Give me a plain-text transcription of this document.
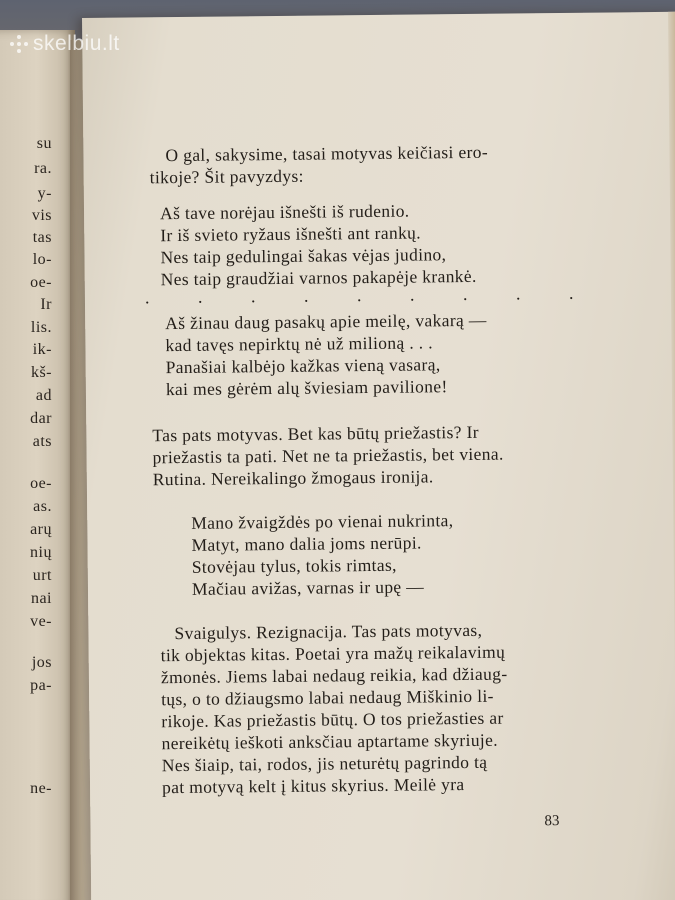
su
ra.
y-
vis
tas
lo-
oe-
Ir
lis.
ik-
kš-
ad
dar
ats
oe-
as.
arų
nių
urt
nai
ve-
jos
pa-
ne-
O gal, sakysime, tasai motyvas keičiasi ero-
tikoje? Šit pavyzdys:
Aš tave norėjau išnešti iš rudenio.
Ir iš svieto ryžaus išnešti ant rankų.
Nes taip gedulingai šakas vėjas judino,
Nes taip graudžiai varnos pakapėje krankė.
. . . . . . . . .
Aš žinau daug pasakų apie meilę, vakarą —
kad tavęs nepirktų nė už milioną . . .
Panašiai kalbėjo kažkas vieną vasarą,
kai mes gėrėm alų šviesiam pavilione!
Tas pats motyvas. Bet kas būtų priežastis? Ir
priežastis ta pati. Net ne ta priežastis, bet viena.
Rutina. Nereikalingo žmogaus ironija.
Mano žvaigždės po vienai nukrinta,
Matyt, mano dalia joms nerūpi.
Stovėjau tylus, tokis rimtas,
Mačiau avižas, varnas ir upę —
Svaigulys. Rezignacija. Tas pats motyvas,
tik objektas kitas. Poetai yra mažų reikalavimų
žmonės. Jiems labai nedaug reikia, kad džiaug-
tųs, o to džiaugsmo labai nedaug Miškinio li-
rikoje. Kas priežastis būtų. O tos priežasties ar
nereikėtų ieškoti anksčiau aptartame skyriuje.
Nes šiaip, tai, rodos, jis neturėtų pagrindo tą
pat motyvą kelt į kitus skyrius. Meilė yra
83
skelbiu.lt
